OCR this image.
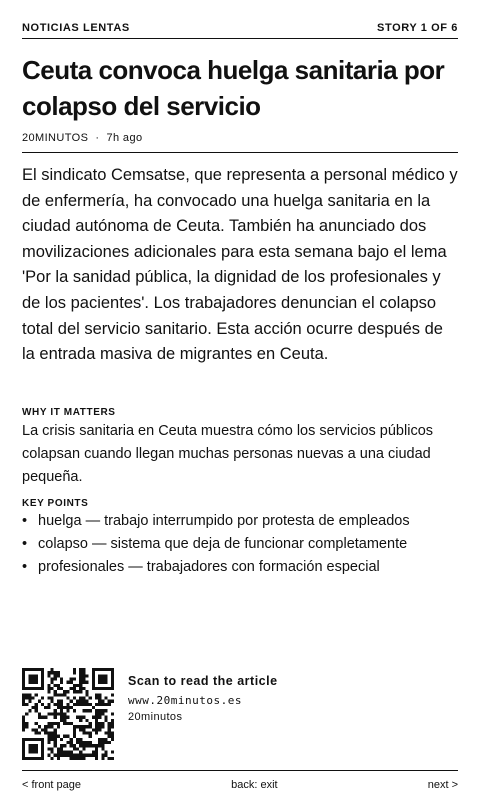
NOTICIAS LENTAS	STORY 1 OF 6
Ceuta convoca huelga sanitaria por colapso del servicio
20MINUTOS · 7h ago

El sindicato Cemsatse, que representa a personal médico y de enfermería, ha convocado una huelga sanitaria en la ciudad autónoma de Ceuta. También ha anunciado dos movilizaciones adicionales para esta semana bajo el lema 'Por la sanidad pública, la dignidad de los profesionales y de los pacientes'. Los trabajadores denuncian el colapso total del servicio sanitario. Esta acción ocurre después de la entrada masiva de migrantes en Ceuta.

WHY IT MATTERS

La crisis sanitaria en Ceuta muestra cómo los servicios públicos colapsan cuando llegan muchas personas nuevas a una ciudad pequeña.

KEY POINTS
• huelga — trabajo interrumpido por protesta de empleados
• colapso — sistema que deja de funcionar completamente
• profesionales — trabajadores con formación especial
Scan to read the article
www.20minutos.es
20minutos
< front page	back: exit	next >
